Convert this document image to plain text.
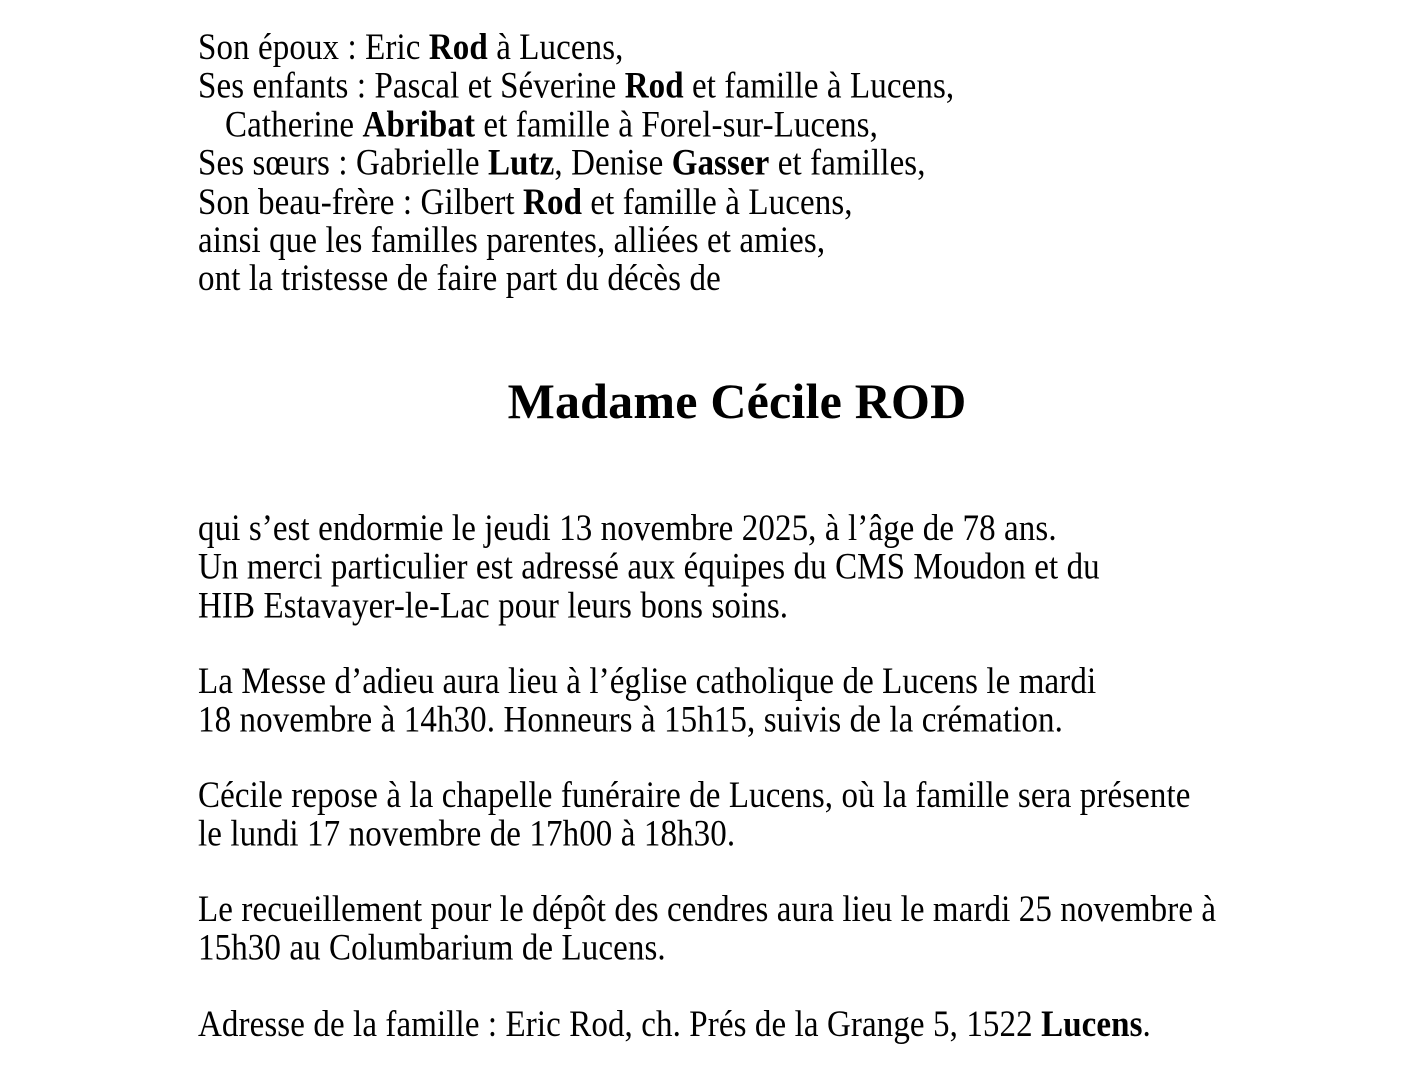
Son époux : Eric Rod à Lucens,
Ses enfants : Pascal et Séverine Rod et famille à Lucens,
Catherine Abribat et famille à Forel-sur-Lucens,
Ses sœurs : Gabrielle Lutz, Denise Gasser et familles,
Son beau-frère : Gilbert Rod et famille à Lucens,
ainsi que les familles parentes, alliées et amies,
ont la tristesse de faire part du décès de
Madame Cécile ROD
qui s’est endormie le jeudi 13 novembre 2025, à l’âge de 78 ans.
Un merci particulier est adressé aux équipes du CMS Moudon et du
HIB Estavayer-le-Lac pour leurs bons soins.
La Messe d’adieu aura lieu à l’église catholique de Lucens le mardi
18 novembre à 14h30. Honneurs à 15h15, suivis de la crémation.
Cécile repose à la chapelle funéraire de Lucens, où la famille sera présente
le lundi 17 novembre de 17h00 à 18h30.
Le recueillement pour le dépôt des cendres aura lieu le mardi 25 novembre à
15h30 au Columbarium de Lucens.
Adresse de la famille : Eric Rod, ch. Prés de la Grange 5, 1522 Lucens.
